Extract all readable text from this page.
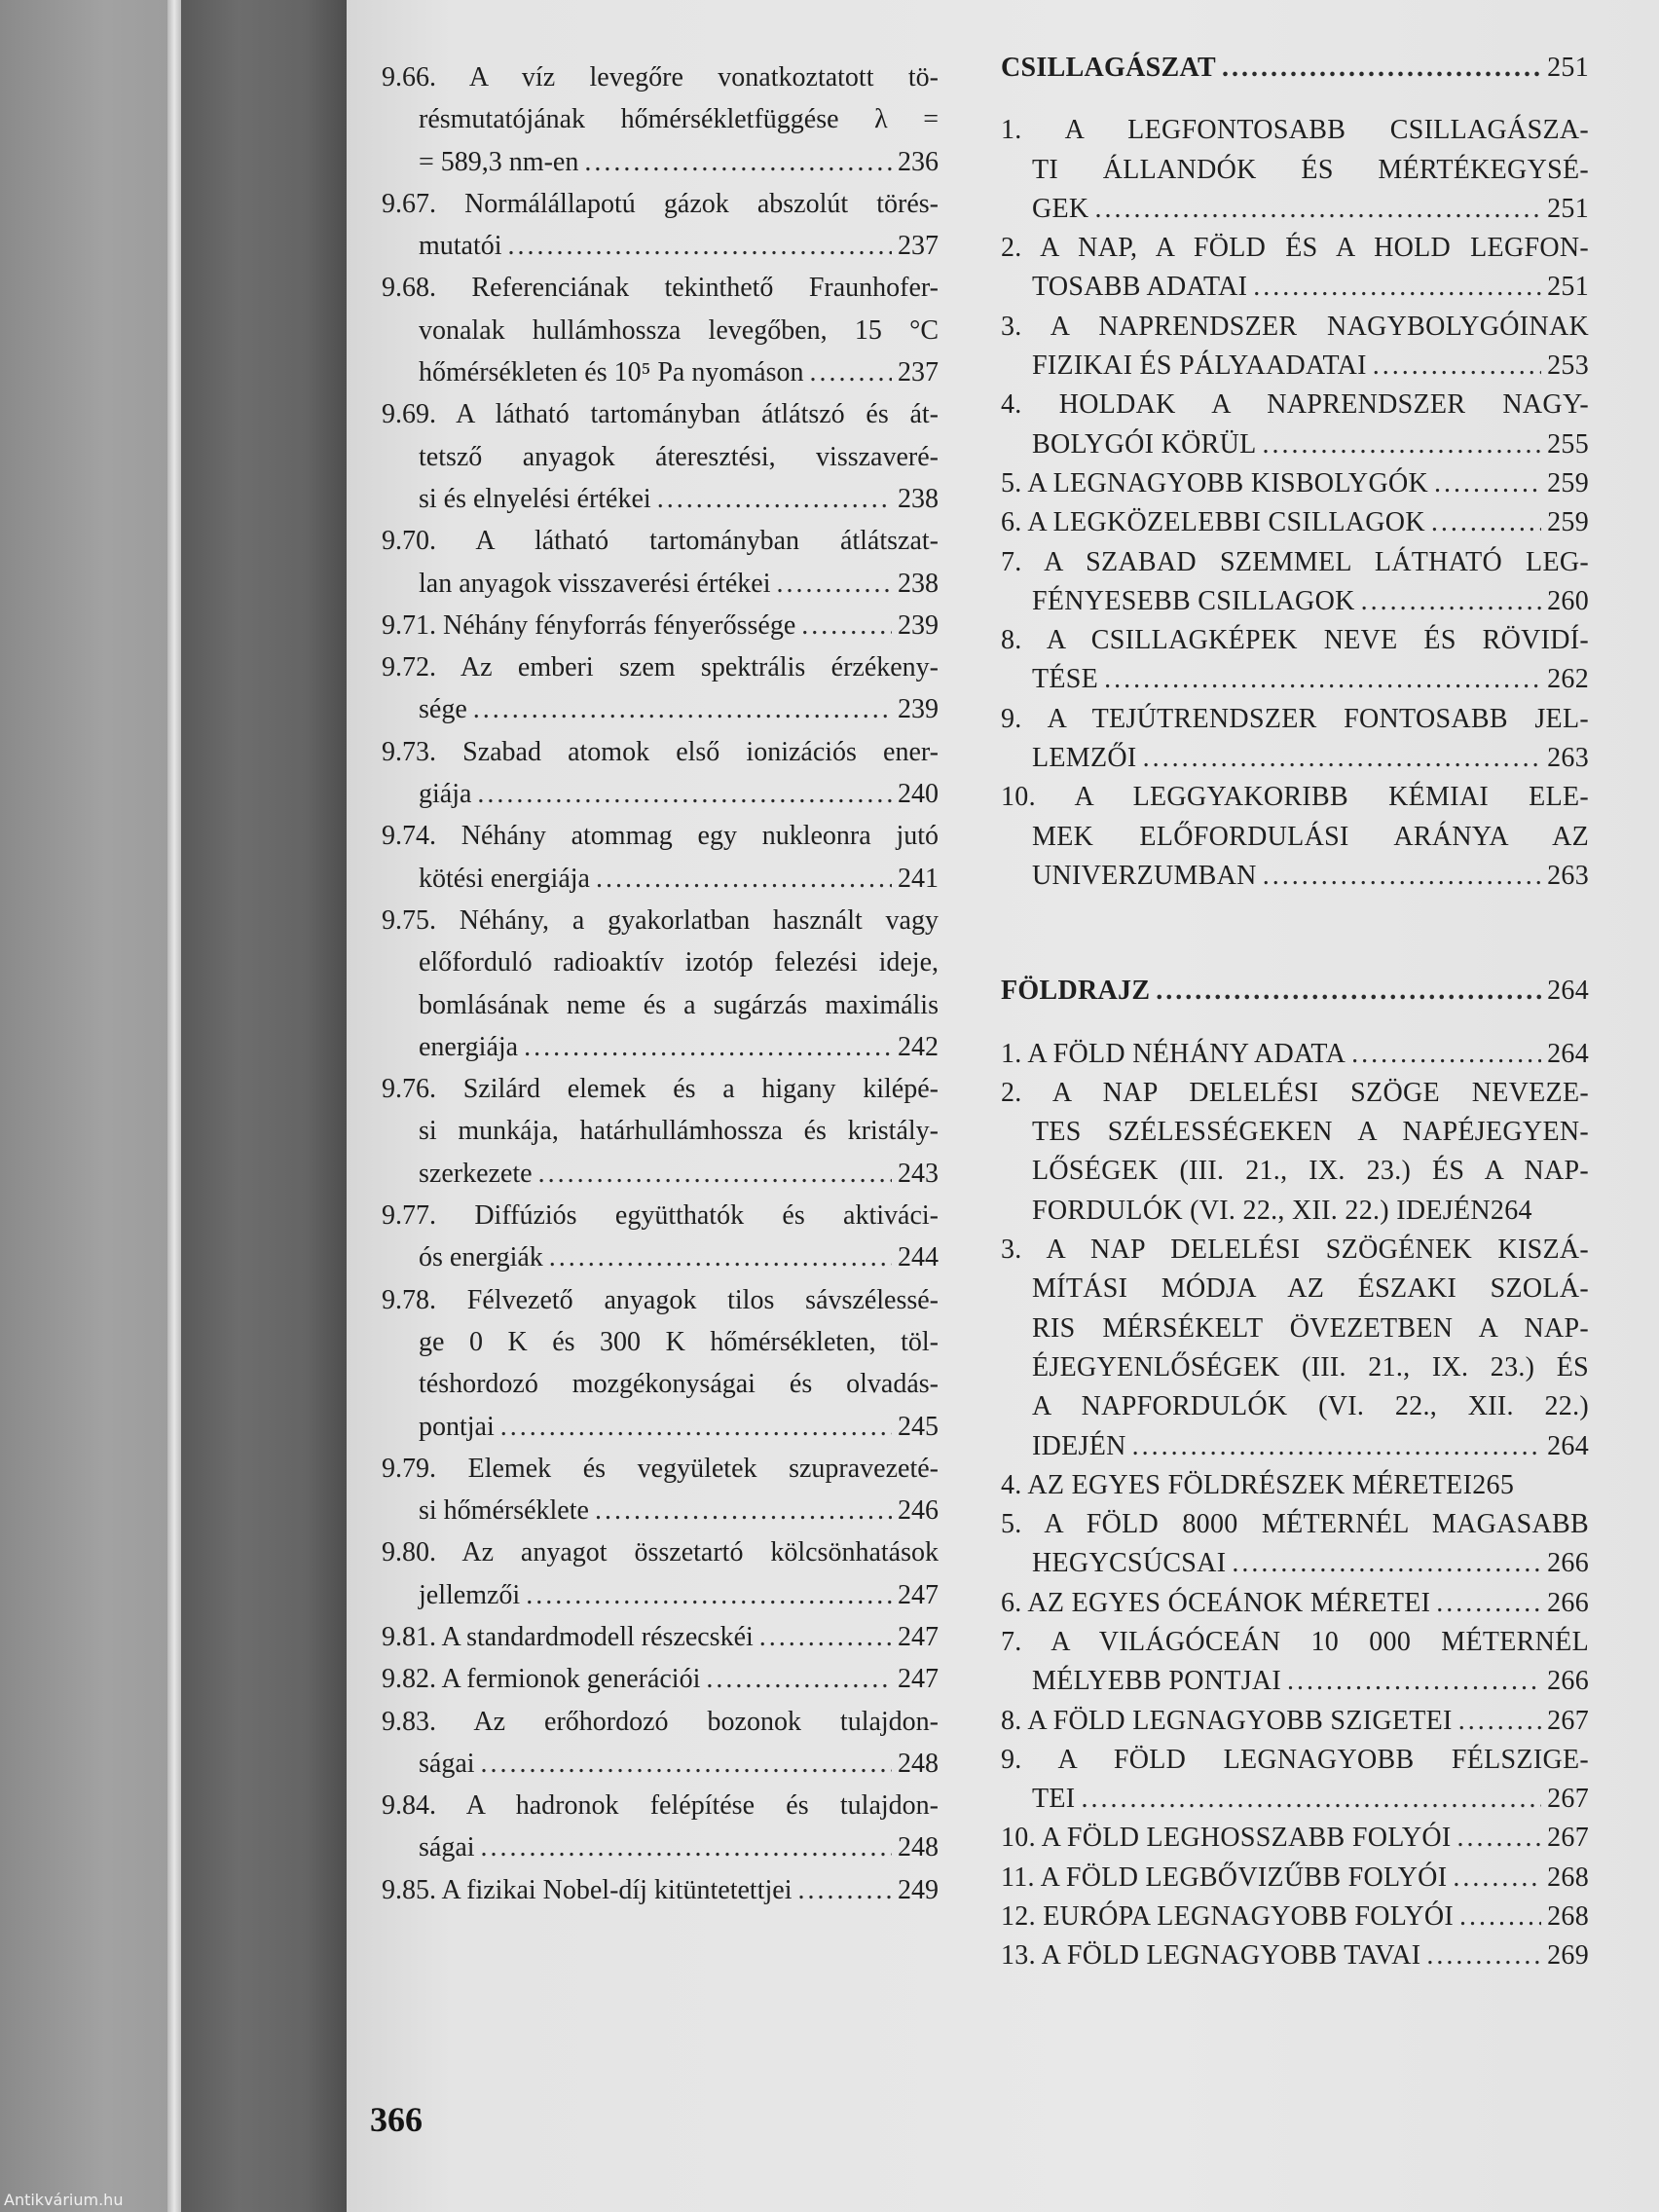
9.66. A víz levegőre vonatkoztatott tö-
résmutatójának hőmérsékletfüggése λ =
= 589,3 nm-en .....	236
9.67. Normálállapotú gázok abszolút törés-
mutatói .....	237
9.68. Referenciának tekinthető Fraunhofer-
vonalak hullámhossza levegőben, 15 °C
hőmérsékleten és 10⁵ Pa nyomáson .....	237
9.69. A látható tartományban átlátszó és át-
tetsző anyagok áteresztési, visszaveré-
si és elnyelési értékei .....	238
9.70. A látható tartományban átlátszat-
lan anyagok visszaverési értékei .....	238
9.71. Néhány fényforrás fényerőssége .....	239
9.72. Az emberi szem spektrális érzékeny-
sége .....	239
9.73. Szabad atomok első ionizációs ener-
giája .....	240
9.74. Néhány atommag egy nukleonra jutó
kötési energiája .....	241
9.75. Néhány, a gyakorlatban használt vagy
előforduló radioaktív izotóp felezési ideje,
bomlásának neme és a sugárzás maximális
energiája .....	242
9.76. Szilárd elemek és a higany kilépé-
si munkája, határhullámhossza és kristály-
szerkezete .....	243
9.77. Diffúziós együtthatók és aktiváci-
ós energiák .....	244
9.78. Félvezető anyagok tilos sávszélessé-
ge 0 K és 300 K hőmérsékleten, töl-
téshordozó mozgékonyságai és olvadás-
pontjai .....	245
9.79. Elemek és vegyületek szupravezeté-
si hőmérséklete .....	246
9.80. Az anyagot összetartó kölcsönhatások
jellemzői .....	247
9.81. A standardmodell részecskéi .....	247
9.82. A fermionok generációi .....	247
9.83. Az erőhordozó bozonok tulajdon-
ságai .....	248
9.84. A hadronok felépítése és tulajdon-
ságai .....	248
9.85. A fizikai Nobel-díj kitüntetettjei .....	249
CSILLAGÁSZAT .....	251
1. A LEGFONTOSABB CSILLAGÁSZA-
TI ÁLLANDÓK ÉS MÉRTÉKEGYSÉ-
GEK .....	251
2. A NAP, A FÖLD ÉS A HOLD LEGFON-
TOSABB ADATAI .....	251
3. A NAPRENDSZER NAGYBOLYGÓINAK
FIZIKAI ÉS PÁLYAADATAI .....	253
4. HOLDAK A NAPRENDSZER NAGY-
BOLYGÓI KÖRÜL .....	255
5. A LEGNAGYOBB KISBOLYGÓK .....	259
6. A LEGKÖZELEBBI CSILLAGOK .....	259
7. A SZABAD SZEMMEL LÁTHATÓ LEG-
FÉNYESEBB CSILLAGOK .....	260
8. A CSILLAGKÉPEK NEVE ÉS RÖVIDÍ-
TÉSE .....	262
9. A TEJÚTRENDSZER FONTOSABB JEL-
LEMZŐI .....	263
10. A LEGGYAKORIBB KÉMIAI ELE-
MEK ELŐFORDULÁSI ARÁNYA AZ
UNIVERZUMBAN .....	263
FÖLDRAJZ .....	264
1. A FÖLD NÉHÁNY ADATA .....	264
2. A NAP DELELÉSI SZÖGE NEVEZE-
TES SZÉLESSÉGEKEN A NAPÉJEGYEN-
LŐSÉGEK (III. 21., IX. 23.) ÉS A NAP-
FORDULÓK (VI. 22., XII. 22.) IDEJÉN 264
3. A NAP DELELÉSI SZÖGÉNEK KISZÁ-
MÍTÁSI MÓDJA AZ ÉSZAKI SZOLÁ-
RIS MÉRSÉKELT ÖVEZETBEN A NAP-
ÉJEGYENLŐSÉGEK (III. 21., IX. 23.) ÉS
A NAPFORDULÓK (VI. 22., XII. 22.)
IDEJÉN .....	264
4. AZ EGYES FÖLDRÉSZEK MÉRETEI 265
5. A FÖLD 8000 MÉTERNÉL MAGASABB
HEGYCSÚCSAI .....	266
6. AZ EGYES ÓCEÁNOK MÉRETEI .....	266
7. A VILÁGÓCEÁN 10 000 MÉTERNÉL
MÉLYEBB PONTJAI .....	266
8. A FÖLD LEGNAGYOBB SZIGETEI .....	267
9. A FÖLD LEGNAGYOBB FÉLSZIGE-
TEI .....	267
10. A FÖLD LEGHOSSZABB FOLYÓI .....	267
11. A FÖLD LEGBŐVIZŰBB FOLYÓI .....	268
12. EURÓPA LEGNAGYOBB FOLYÓI .....	268
13. A FÖLD LEGNAGYOBB TAVAI .....	269
366
Antikvárium.hu
